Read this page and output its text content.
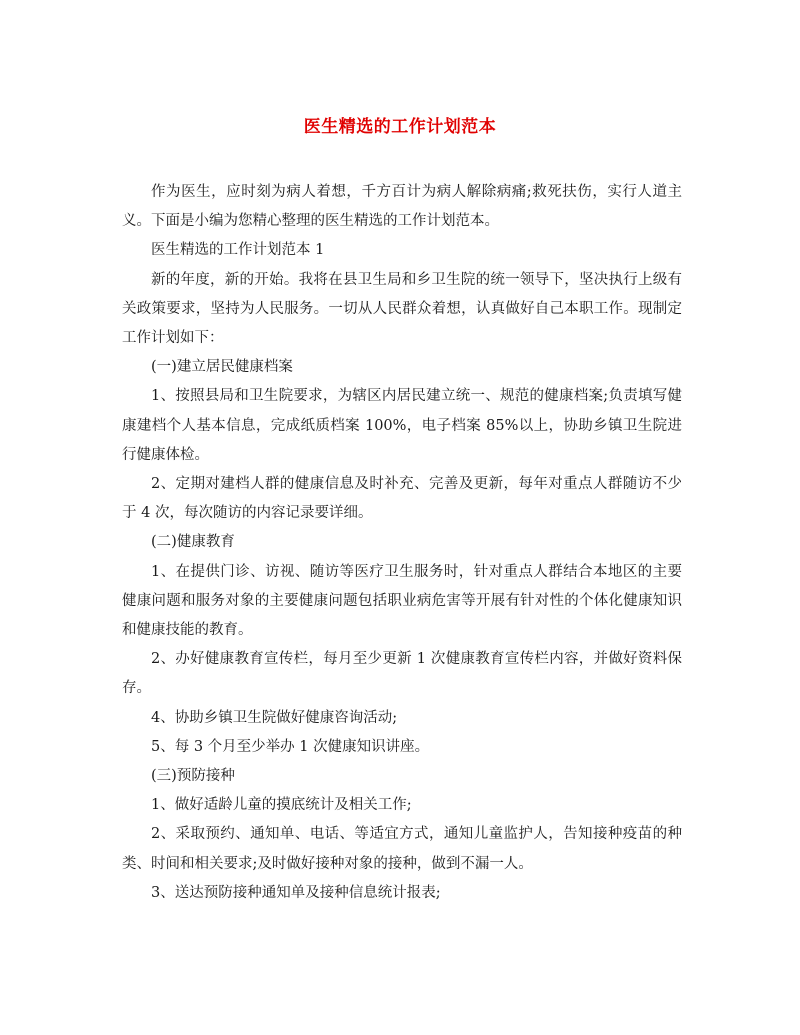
医生精选的工作计划范本

作为医生，应时刻为病人着想，千方百计为病人解除病痛;救死扶伤，实行人道主义。下面是小编为您精心整理的医生精选的工作计划范本。

医生精选的工作计划范本 1

新的年度，新的开始。我将在县卫生局和乡卫生院的统一领导下，坚决执行上级有关政策要求，坚持为人民服务。一切从人民群众着想，认真做好自己本职工作。现制定工作计划如下：

(一)建立居民健康档案

1、按照县局和卫生院要求，为辖区内居民建立统一、规范的健康档案;负责填写健康建档个人基本信息，完成纸质档案 100%，电子档案 85%以上，协助乡镇卫生院进行健康体检。

2、定期对建档人群的健康信息及时补充、完善及更新，每年对重点人群随访不少于 4 次，每次随访的内容记录要详细。

(二)健康教育

1、在提供门诊、访视、随访等医疗卫生服务时，针对重点人群结合本地区的主要健康问题和服务对象的主要健康问题包括职业病危害等开展有针对性的个体化健康知识和健康技能的教育。

2、办好健康教育宣传栏，每月至少更新 1 次健康教育宣传栏内容，并做好资料保存。

4、协助乡镇卫生院做好健康咨询活动;

5、每 3 个月至少举办 1 次健康知识讲座。

(三)预防接种

1、做好适龄儿童的摸底统计及相关工作;

2、采取预约、通知单、电话、等适宜方式，通知儿童监护人，告知接种疫苗的种类、时间和相关要求;及时做好接种对象的接种，做到不漏一人。

3、送达预防接种通知单及接种信息统计报表;
